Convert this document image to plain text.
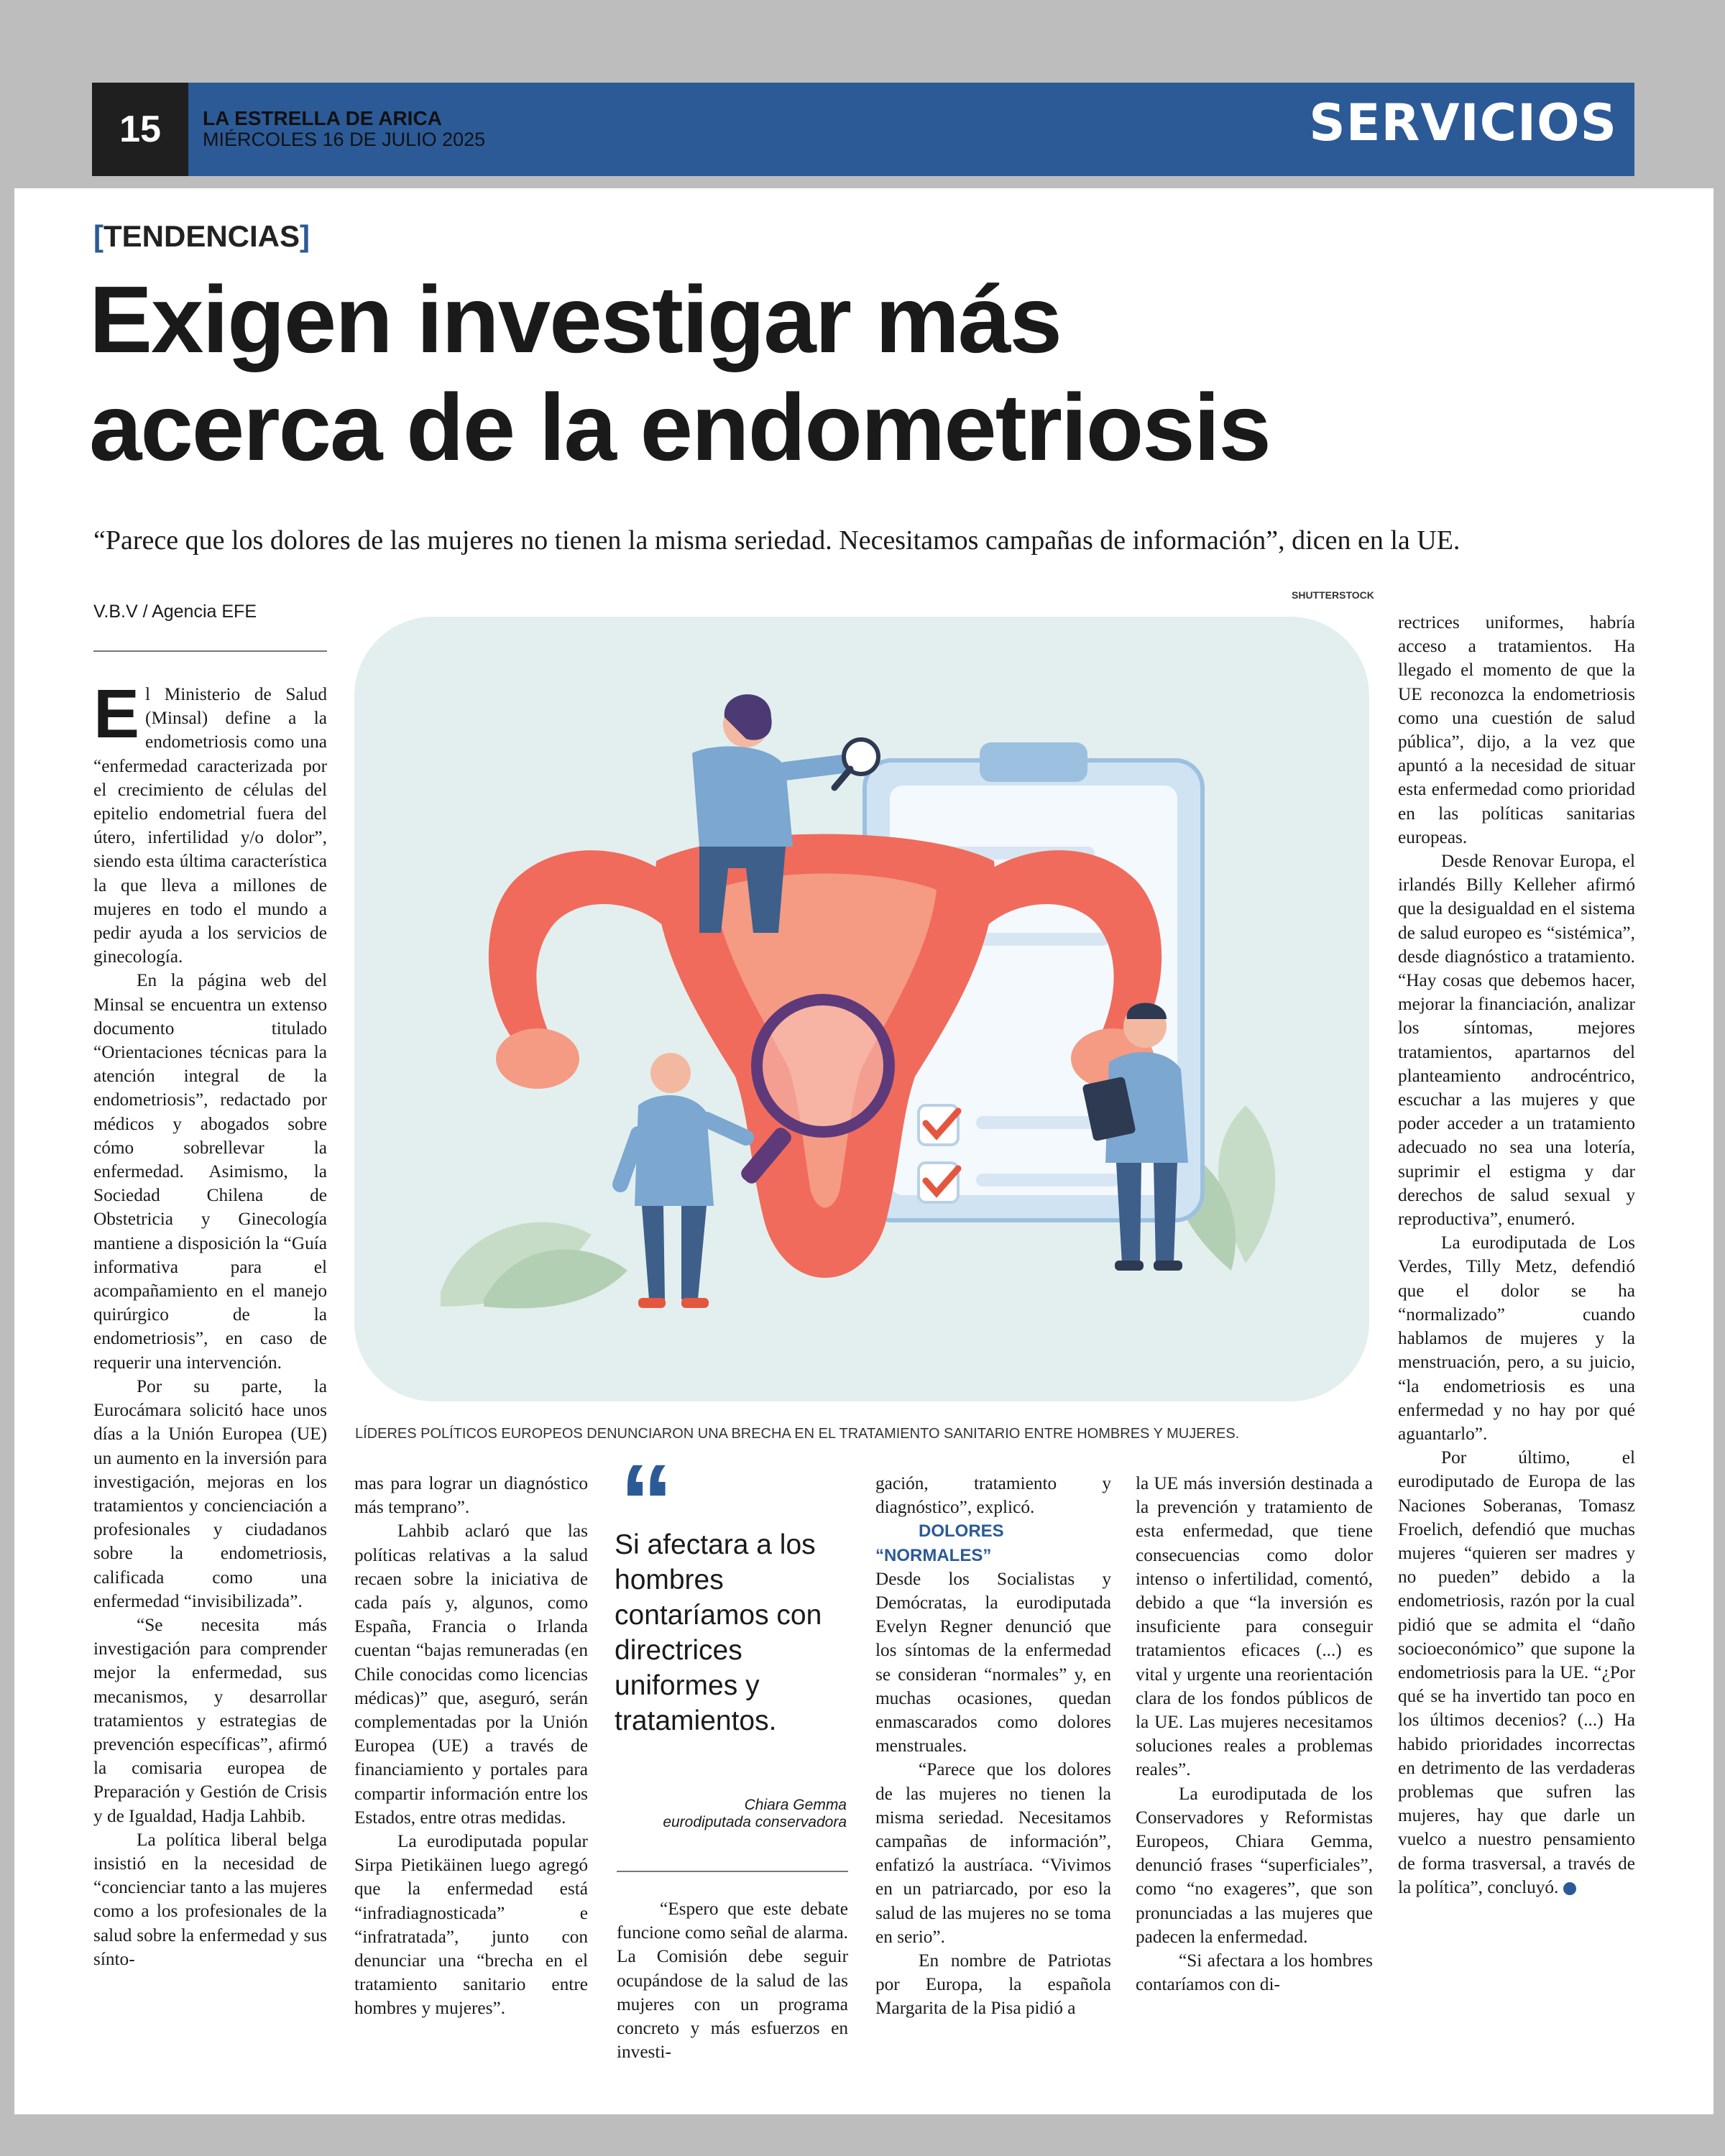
15	LA ESTRELLA DE ARICA
MIÉRCOLES 16 DE JULIO 2025	SERVICIOS
[TENDENCIAS]
Exigen investigar más
acerca de la endometriosis
“Parece que los dolores de las mujeres no tienen la misma seriedad. Necesitamos campañas de información”, dicen en la UE.
V.B.V / Agencia EFE
SHUTTERSTOCK
LÍDERES POLÍTICOS EUROPEOS DENUNCIARON UNA BRECHA EN EL TRATAMIENTO SANITARIO ENTRE HOMBRES Y MUJERES.

El Ministerio de Salud (Minsal) define a la endometriosis como una “enfermedad caracterizada por el crecimiento de células del epitelio endometrial fuera del útero, infertilidad y/o dolor”, siendo esta última característica la que lleva a millones de mujeres en todo el mundo a pedir ayuda a los servicios de ginecología.

En la página web del Minsal se encuentra un extenso documento titulado “Orientaciones técnicas para la atención integral de la endometriosis”, redactado por médicos y abogados sobre cómo sobrellevar la enfermedad. Asimismo, la Sociedad Chilena de Obstetricia y Ginecología mantiene a disposición la “Guía informativa para el acompañamiento en el manejo quirúrgico de la endometriosis”, en caso de requerir una intervención.

Por su parte, la Eurocámara solicitó hace unos días a la Unión Europea (UE) un aumento en la inversión para investigación, mejoras en los tratamientos y concienciación a profesionales y ciudadanos sobre la endometriosis, calificada como una enfermedad “invisibilizada”.

“Se necesita más investigación para comprender mejor la enfermedad, sus mecanismos, y desarrollar tratamientos y estrategias de prevención específicas”, afirmó la comisaria europea de Preparación y Gestión de Crisis y de Igualdad, Hadja Lahbib.

La política liberal belga insistió en la necesidad de “concienciar tanto a las mujeres como a los profesionales de la salud sobre la enfermedad y sus sínto-

mas para lograr un diagnóstico más temprano”.

Lahbib aclaró que las políticas relativas a la salud recaen sobre la iniciativa de cada país y, algunos, como España, Francia o Irlanda cuentan “bajas remuneradas (en Chile conocidas como licencias médicas)” que, aseguró, serán complementadas por la Unión Europea (UE) a través de financiamiento y portales para compartir información entre los Estados, entre otras medidas.

La eurodiputada popular Sirpa Pietikäinen luego agregó que la enfermedad está “infradiagnosticada” e “infratratada”, junto con denunciar una “brecha en el tratamiento sanitario entre hombres y mujeres”.

“
Si afectara a los hombres contaríamos con directrices uniformes y tratamientos.
Chiara Gemma
eurodiputada conservadora

“Espero que este debate funcione como señal de alarma. La Comisión debe seguir ocupándose de la salud de las mujeres con un programa concreto y más esfuerzos en investi-

gación, tratamiento y diagnóstico”, explicó.

DOLORES “NORMALES”

Desde los Socialistas y Demócratas, la eurodiputada Evelyn Regner denunció que los síntomas de la enfermedad se consideran “normales” y, en muchas ocasiones, quedan enmascarados como dolores menstruales.

“Parece que los dolores de las mujeres no tienen la misma seriedad. Necesitamos campañas de información”, enfatizó la austríaca. “Vivimos en un patriarcado, por eso la salud de las mujeres no se toma en serio”.

En nombre de Patriotas por Europa, la española Margarita de la Pisa pidió a

la UE más inversión destinada a la prevención y tratamiento de esta enfermedad, que tiene consecuencias como dolor intenso o infertilidad, comentó, debido a que “la inversión es insuficiente para conseguir tratamientos eficaces (...) es vital y urgente una reorientación clara de los fondos públicos de la UE. Las mujeres necesitamos soluciones reales a problemas reales”.

La eurodiputada de los Conservadores y Reformistas Europeos, Chiara Gemma, denunció frases “superficiales”, como “no exageres”, que son pronunciadas a las mujeres que padecen la enfermedad.

“Si afectara a los hombres contaríamos con di-

rectrices uniformes, habría acceso a tratamientos. Ha llegado el momento de que la UE reconozca la endometriosis como una cuestión de salud pública”, dijo, a la vez que apuntó a la necesidad de situar esta enfermedad como prioridad en las políticas sanitarias europeas.

Desde Renovar Europa, el irlandés Billy Kelleher afirmó que la desigualdad en el sistema de salud europeo es “sistémica”, desde diagnóstico a tratamiento. “Hay cosas que debemos hacer, mejorar la financiación, analizar los síntomas, mejores tratamientos, apartarnos del planteamiento androcéntrico, escuchar a las mujeres y que poder acceder a un tratamiento adecuado no sea una lotería, suprimir el estigma y dar derechos de salud sexual y reproductiva”, enumeró.

La eurodiputada de Los Verdes, Tilly Metz, defendió que el dolor se ha “normalizado” cuando hablamos de mujeres y la menstruación, pero, a su juicio, “la endometriosis es una enfermedad y no hay por qué aguantarlo”.

Por último, el eurodiputado de Europa de las Naciones Soberanas, Tomasz Froelich, defendió que muchas mujeres “quieren ser madres y no pueden” debido a la endometriosis, razón por la cual pidió que se admita el “daño socioeconómico” que supone la endometriosis para la UE. “¿Por qué se ha invertido tan poco en los últimos decenios? (...) Ha habido prioridades incorrectas en detrimento de las verdaderas problemas que sufren las mujeres, hay que darle un vuelco a nuestro pensamiento de forma trasversal, a través de la política”, concluyó.	✪
